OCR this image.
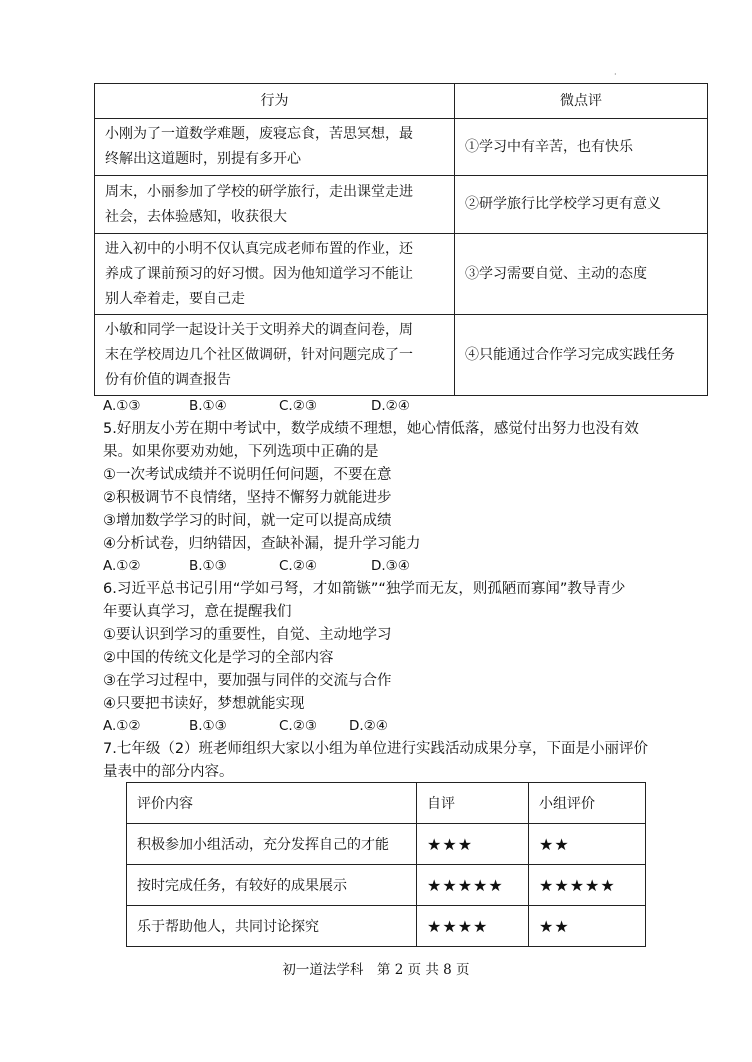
·
行为	微点评
小刚为了一道数学难题，废寝忘食，苦思冥想，最
终解出这道题时，别提有多开心	①学习中有辛苦，也有快乐
周末，小丽参加了学校的研学旅行，走出课堂走进
社会，去体验感知，收获很大	②研学旅行比学校学习更有意义
进入初中的小明不仅认真完成老师布置的作业，还
养成了课前预习的好习惯。因为他知道学习不能让
别人牵着走，要自己走	③学习需要自觉、主动的态度
小敏和同学一起设计关于文明养犬的调查问卷，周
末在学校周边几个社区做调研，针对问题完成了一
份有价值的调查报告	④只能通过合作学习完成实践任务
A.①③	B.①④	C.②③	D.②④
5.好朋友小芳在期中考试中，数学成绩不理想，她心情低落，感觉付出努力也没有效
果。如果你要劝劝她，下列选项中正确的是
①一次考试成绩并不说明任何问题，不要在意
②积极调节不良情绪，坚持不懈努力就能进步
③增加数学学习的时间，就一定可以提高成绩
④分析试卷，归纳错因，查缺补漏，提升学习能力
A.①②	B.①③	C.②④	D.③④
6.习近平总书记引用“学如弓弩，才如箭镞”“独学而无友，则孤陋而寡闻”教导青少
年要认真学习，意在提醒我们
①要认识到学习的重要性，自觉、主动地学习
②中国的传统文化是学习的全部内容
③在学习过程中，要加强与同伴的交流与合作
④只要把书读好，梦想就能实现
A.①②	B.①③	C.②③ D.②④
7.七年级（2）班老师组织大家以小组为单位进行实践活动成果分享，下面是小丽评价
量表中的部分内容。
评价内容	自评	小组评价
积极参加小组活动，充分发挥自己的才能	★★★	★★
按时完成任务，有较好的成果展示	★★★★★	★★★★★
乐于帮助他人，共同讨论探究	★★★★	★★
初一道法学科　第 2 页 共 8 页
